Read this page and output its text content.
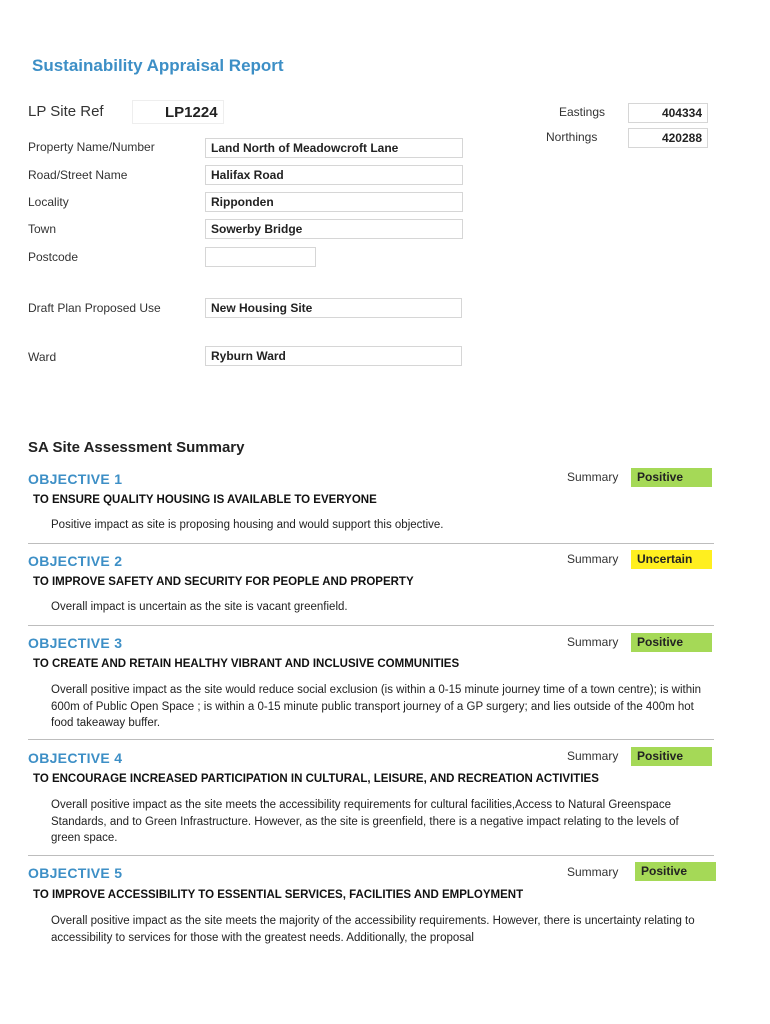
Sustainability Appraisal Report
LP Site Ref	LP1224	Eastings	404334
Northings	420288
Property Name/Number	Land North of Meadowcroft Lane
Road/Street Name	Halifax Road
Locality	Ripponden
Town	Sowerby Bridge
Postcode
Draft Plan Proposed Use	New Housing Site
Ward	Ryburn Ward
SA Site Assessment Summary
OBJECTIVE 1	Summary	Positive
TO ENSURE QUALITY HOUSING IS AVAILABLE TO EVERYONE
Positive impact as site is proposing housing and would support this objective.
OBJECTIVE 2	Summary	Uncertain
TO IMPROVE SAFETY AND SECURITY FOR PEOPLE AND PROPERTY
Overall impact is uncertain as the site is vacant greenfield.
OBJECTIVE 3	Summary	Positive
TO CREATE AND RETAIN HEALTHY VIBRANT AND INCLUSIVE COMMUNITIES
Overall positive impact as the site would reduce social exclusion (is within a 0-15 minute journey time of a town centre); is within 600m of Public Open Space ; is within a 0-15 minute public transport journey of a GP surgery; and lies outside of the 400m hot food takeaway buffer.
OBJECTIVE 4	Summary	Positive
TO ENCOURAGE INCREASED PARTICIPATION IN CULTURAL, LEISURE, AND RECREATION ACTIVITIES
Overall positive impact as the site meets the accessibility requirements for cultural facilities,Access to Natural Greenspace Standards, and to Green Infrastructure. However, as the site is greenfield, there is a negative impact relating to the levels of green space.
OBJECTIVE 5	Summary	Positive
TO IMPROVE ACCESSIBILITY TO ESSENTIAL SERVICES, FACILITIES AND EMPLOYMENT
Overall positive impact as the site meets the majority of the accessibility requirements. However, there is uncertainty relating to accessibility to services for those with the greatest needs. Additionally, the proposal
